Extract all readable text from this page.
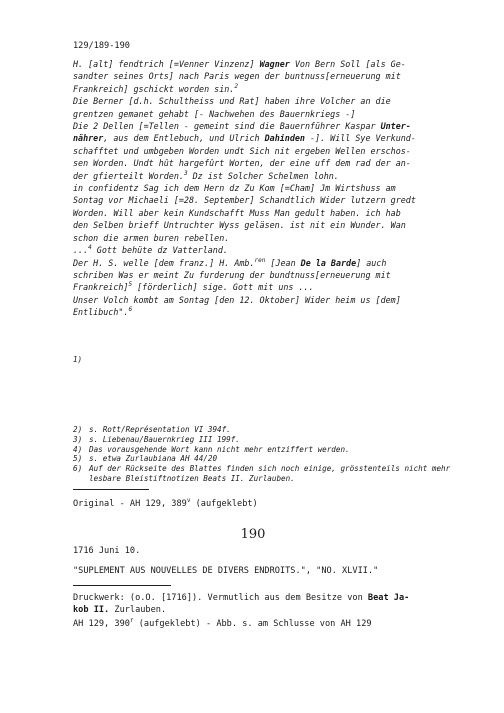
129/189-190

H. [alt] fendtrich [=Venner Vinzenz] Wagner Von Bern Soll [als Ge-

sandter seines Orts] nach Paris wegen der buntnuss[erneuerung mit

Frankreich] gschickt worden sin.$^2$

Die Berner [d.h. Schultheiss und Rat] haben ihre Volcher an die

grentzen gemanet gehabt [- Nachwehen des Bauernkriegs -]

Die 2 Dellen [=Tellen - gemeint sind die Bauernführer Kaspar Unter-

nährer, aus dem Entlebuch, und Ulrich Dahinden -]. Will Sye Verkund-

schafftet und umbgeben Worden undt Sich nit ergeben Wellen erschos-

sen Worden. Undt hût hargefûrt Worten, der eine uff dem rad der an-

der gfierteilt Worden.$^3$ Dz ist Solcher Schelmen lohn.

in confidentz Sag ich dem Hern dz Zu Kom [=Cham] Jm Wirtshuss am

Sontag vor Michaeli [=28. September] Schandtlich Wider lutzern gredt

Worden. Will aber kein Kundschafft Muss Man gedult haben. ich hab

den Selben brieff Untruchter Wyss geläsen. ist nit ein Wunder. Wan

schon die armen buren rebellen.

...$^4$ Gott behüte dz Vatterland.

Der H. S. welle [dem franz.] H. Amb.$^{ren}$ [Jean De la Barde] auch

schriben Was er meint Zu furderung der bundtnuss[erneuerung mit

Frankreich]$^5$ [förderlich] sige. Gott mit uns ...

Unser Volch kombt am Sontag [den 12. Oktober] Wider heim us [dem]

Entlibuch".$^6$

1)
2) s. Rott/Représentation VI 394f.
3) s. Liebenau/Bauernkrieg III 199f.
4) Das vorausgehende Wort kann nicht mehr entziffert werden.
5) s. etwa Zurlaubiana AH 44/20
6) Auf der Rückseite des Blattes finden sich noch einige, grösstenteils nicht mehr lesbare Bleistiftnotizen Beats II. Zurlauben.
Original - AH 129, 389$^v$ (aufgeklebt)
190
1716 Juni 10.
"SUPLEMENT AUS NOUVELLES DE DIVERS ENDROITS.", "NO. XLVII."
Druckwerk: (o.O. [1716]). Vermutlich aus dem Besitze von Beat Ja-
kob II. Zurlauben.
AH 129, 390$^r$ (aufgeklebt) - Abb. s. am Schlusse von AH 129
